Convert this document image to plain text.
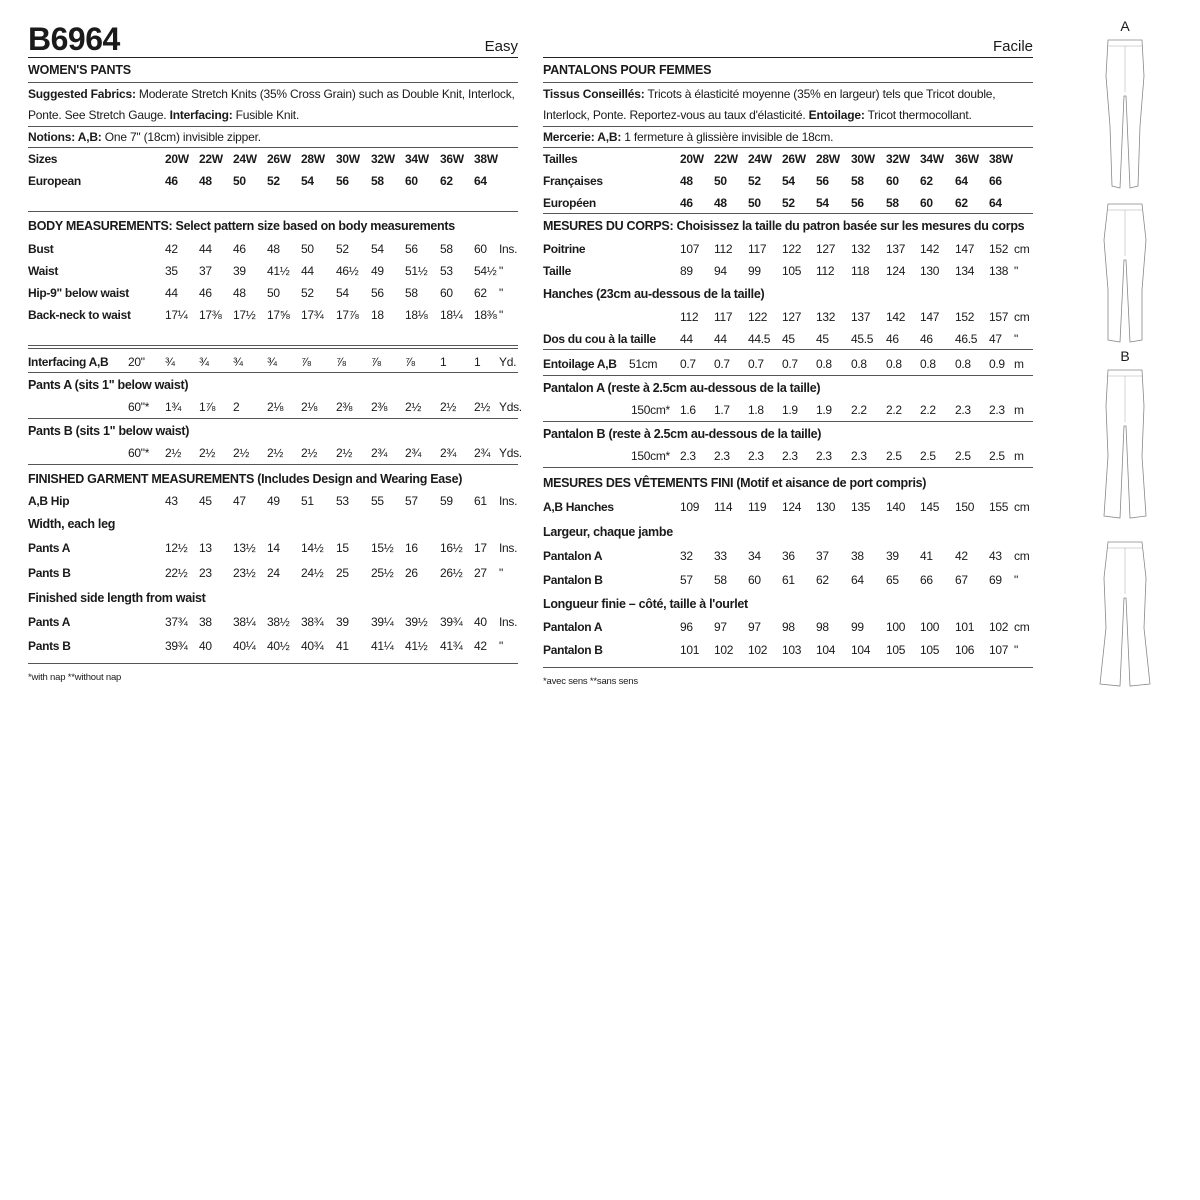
B6964	Easy
WOMEN'S PANTS
Suggested Fabrics: Moderate Stretch Knits (35% Cross Grain) such as Double Knit, Interlock, Ponte. See Stretch Gauge. Interfacing: Fusible Knit.
Notions: A,B: One 7" (18cm) invisible zipper.
Sizes	20W 22W 24W 26W 28W 30W 32W 34W 36W 38W
European	46 48 50 52 54 56 58 60 62 64
BODY MEASUREMENTS: Select pattern size based on body measurements
Bust	42 44 46 48 50 52 54 56 58 60 Ins.
Waist	35 37 39 41½ 44 46½ 49 51½ 53 54½ "
Hip-9" below waist	44 46 48 50 52 54 56 58 60 62 "
Back-neck to waist	17¼ 17⅜ 17½ 17⅝ 17¾ 17⅞ 18 18⅛ 18¼ 18⅜ "
Interfacing A,B 20" ¾ ¾ ¾ ¾ ⅞ ⅞ ⅞ ⅞ 1 1 Yd.
Pants A (sits 1" below waist)
60"* 1¾ 1⅞ 2 2⅛ 2⅛ 2⅜ 2⅜ 2½ 2½ 2½ Yds.
Pants B (sits 1" below waist)
60"* 2½ 2½ 2½ 2½ 2½ 2½ 2¾ 2¾ 2¾ 2¾ Yds.
FINISHED GARMENT MEASUREMENTS (Includes Design and Wearing Ease)
A,B Hip	43 45 47 49 51 53 55 57 59 61 Ins.
Width, each leg
Pants A	12½ 13 13½ 14 14½ 15 15½ 16 16½ 17 Ins.
Pants B	22½ 23 23½ 24 24½ 25 25½ 26 26½ 27 "
Finished side length from waist
Pants A	37¾ 38 38¼ 38½ 38¾ 39 39¼ 39½ 39¾ 40 Ins.
Pants B	39¾ 40 40¼ 40½ 40¾ 41 41¼ 41½ 41¾ 42 "
*with nap **without nap
Facile
PANTALONS POUR FEMMES
Tissus Conseillés: Tricots à élasticité moyenne (35% en largeur) tels que Tricot double, Interlock, Ponte. Reportez-vous au taux d'élasticité. Entoilage: Tricot thermocollant.
Mercerie: A,B: 1 fermeture à glissière invisible de 18cm.
Tailles	20W 22W 24W 26W 28W 30W 32W 34W 36W 38W
Françaises	48 50 52 54 56 58 60 62 64 66
Européen	46 48 50 52 54 56 58 60 62 64
MESURES DU CORPS: Choisissez la taille du patron basée sur les mesures du corps
Poitrine	107 112 117 122 127 132 137 142 147 152 cm
Taille	89 94 99 105 112 118 124 130 134 138 "
Hanches (23cm au-dessous de la taille)
112 117 122 127 132 137 142 147 152 157 cm
Dos du cou à la taille 44 44 44.5 45 45 45.5 46 46 46.5 47 "
Entoilage A,B 51cm 0.7 0.7 0.7 0.7 0.8 0.8 0.8 0.8 0.8 0.9 m
Pantalon A (reste à 2.5cm au-dessous de la taille)
150cm* 1.6 1.7 1.8 1.9 1.9 2.2 2.2 2.2 2.3 2.3 m
Pantalon B (reste à 2.5cm au-dessous de la taille)
150cm* 2.3 2.3 2.3 2.3 2.3 2.3 2.5 2.5 2.5 2.5 m
MESURES DES VÊTEMENTS FINI (Motif et aisance de port compris)
A,B Hanches	109 114 119 124 130 135 140 145 150 155 cm
Largeur, chaque jambe
Pantalon A	32 33 34 36 37 38 39 41 42 43 cm
Pantalon B	57 58 60 61 62 64 65 66 67 69 "
Longueur finie – côté, taille à l'ourlet
Pantalon A	96 97 97 98 98 99 100 100 101 102 cm
Pantalon B	101 102 102 103 104 104 105 105 106 107 "
*avec sens **sans sens
A
B
